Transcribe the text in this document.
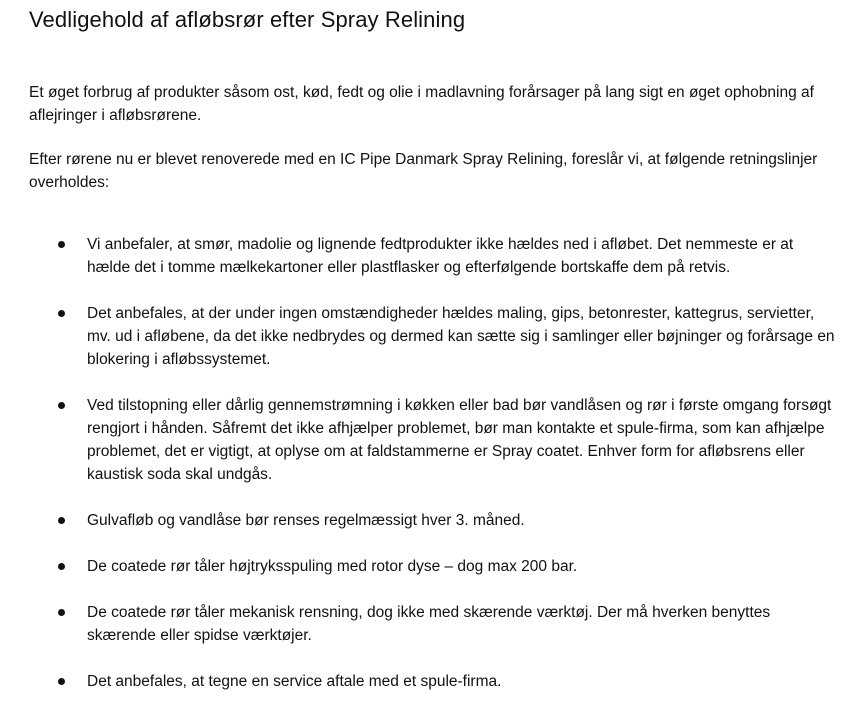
Vedligehold af afløbsrør efter Spray Relining

Et øget forbrug af produkter såsom ost, kød, fedt og olie i madlavning forårsager på lang sigt en øget ophobning af aflejringer i afløbsrørene.

Efter rørene nu er blevet renoverede med en IC Pipe Danmark Spray Relining, foreslår vi, at følgende retningslinjer overholdes:

Vi anbefaler, at smør, madolie og lignende fedtprodukter ikke hældes ned i afløbet. Det nemmeste er at hælde det i tomme mælkekartoner eller plastflasker og efterfølgende bortskaffe dem på retvis.
Det anbefales, at der under ingen omstændigheder hældes maling, gips, betonrester, kattegrus, servietter, mv. ud i afløbene, da det ikke nedbrydes og dermed kan sætte sig i samlinger eller bøjninger og forårsage en blokering i afløbssystemet.
Ved tilstopning eller dårlig gennemstrømning i køkken eller bad bør vandlåsen og rør i første omgang forsøgt rengjort i hånden. Såfremt det ikke afhjælper problemet, bør man kontakte et spule-firma, som kan afhjælpe problemet, det er vigtigt, at oplyse om at faldstammerne er Spray coatet. Enhver form for afløbsrens eller kaustisk soda skal undgås.
Gulvafløb og vandlåse bør renses regelmæssigt hver 3. måned.
De coatede rør tåler højtryksspuling med rotor dyse – dog max 200 bar.
De coatede rør tåler mekanisk rensning, dog ikke med skærende værktøj. Der må hverken benyttes skærende eller spidse værktøjer.
Det anbefales, at tegne en service aftale med et spule-firma.
